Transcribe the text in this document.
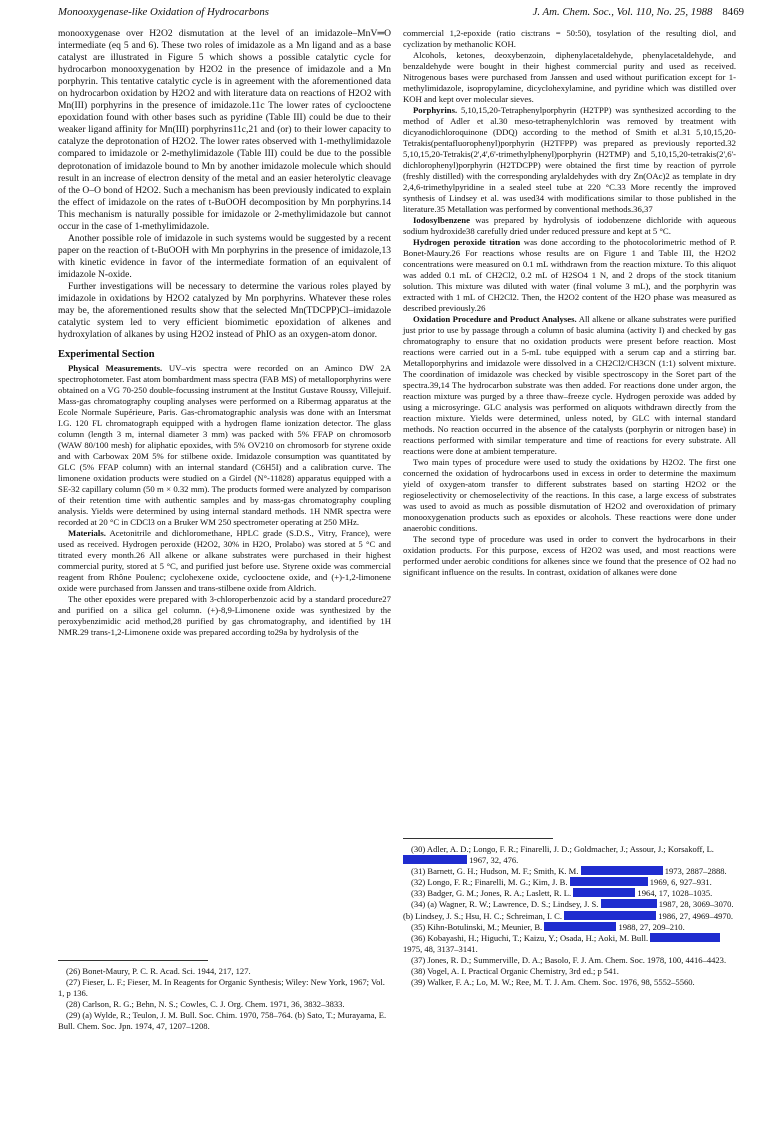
Monooxygenase-like Oxidation of Hydrocarbons	J. Am. Chem. Soc., Vol. 110, No. 25, 1988 8469

monooxygenase over H2O2 dismutation at the level of an imidazole–MnV═O intermediate (eq 5 and 6). These two roles of imidazole as a Mn ligand and as a base catalyst are illustrated in Figure 5 which shows a possible catalytic cycle for hydrocarbon monooxygenation by H2O2 in the presence of imidazole and a Mn porphyrin. This tentative catalytic cycle is in agreement with the aforementioned data on hydrocarbon oxidation by H2O2 and with literature data on reactions of H2O2 with Mn(III) porphyrins in the presence of imidazole.11c The lower rates of cyclooctene epoxidation found with other bases such as pyridine (Table III) could be due to their weaker ligand affinity for Mn(III) porphyrins11c,21 and (or) to their lower capacity to catalyze the deprotonation of H2O2. The lower rates observed with 1-methylimidazole compared to imidazole or 2-methylimidazole (Table III) could be due to the possible deprotonation of imidazole bound to Mn by another imidazole molecule which should result in an increase of electron density of the metal and an easier heterolytic cleavage of the O–O bond of H2O2. Such a mechanism has been previously indicated to explain the effect of imidazole on the rates of t-BuOOH decomposition by Mn porphyrins.14 This mechanism is naturally possible for imidazole or 2-methylimidazole but cannot occur in the case of 1-methylimidazole.

Another possible role of imidazole in such systems would be suggested by a recent paper on the reaction of t-BuOOH with Mn porphyrins in the presence of imidazole,13 with kinetic evidence in favor of the intermediate formation of an equivalent of imidazole N-oxide.

Further investigations will be necessary to determine the various roles played by imidazole in oxidations by H2O2 catalyzed by Mn porphyrins. Whatever these roles may be, the aforementioned results show that the selected Mn(TDCPP)Cl–imidazole catalytic system led to very efficient biomimetic epoxidation of alkenes and hydroxylation of alkanes by using H2O2 instead of PhIO as an oxygen-atom donor.

Experimental Section

Physical Measurements. UV–vis spectra were recorded on an Aminco DW 2A spectrophotometer. Fast atom bombardment mass spectra (FAB MS) of metalloporphyrins were obtained on a VG 70-250 double-focussing instrument at the Institut Gustave Roussy, Villejuif. Mass-gas chromatography coupling analyses were performed on a Ribermag apparatus at the Ecole Normale Supérieure, Paris. Gas-chromatographic analysis was done with an Intersmat I.G. 120 FL chromatograph equipped with a hydrogen flame ionization detector. The glass column (length 3 m, internal diameter 3 mm) was packed with 5% FFAP on chromosorb (WAW 80/100 mesh) for aliphatic epoxides, with 5% OV210 on chromosorb for styrene oxide and with Carbowax 20M 5% for stilbene oxide. Imidazole consumption was quantitated by GLC (5% FFAP column) with an internal standard (C6H5I) and a calibration curve. The limonene oxidation products were studied on a Girdel (N°-11828) apparatus equipped with a SE-32 capillary column (50 m × 0.32 mm). The products formed were analyzed by comparison of their retention time with authentic samples and by mass-gas chromatography coupling analysis. Yields were determined by using internal standard methods. 1H NMR spectra were recorded at 20 °C in CDCl3 on a Bruker WM 250 spectrometer operating at 250 MHz.

Materials. Acetonitrile and dichloromethane, HPLC grade (S.D.S., Vitry, France), were used as received. Hydrogen peroxide (H2O2, 30% in H2O, Prolabo) was stored at 5 °C and titrated every month.26 All alkene or alkane substrates were purchased in their highest commercial purity, stored at 5 °C, and purified just before use. Styrene oxide was commercial reagent from Rhône Poulenc; cyclohexene oxide, cyclooctene oxide, and (+)-1,2-limonene oxide were purchased from Janssen and trans-stilbene oxide from Aldrich.

The other epoxides were prepared with 3-chloroperbenzoic acid by a standard procedure27 and purified on a silica gel column. (+)-8,9-Limonene oxide was synthesized by the peroxybenzimidic acid method,28 purified by gas chromatography, and identified by 1H NMR.29 trans-1,2-Limonene oxide was prepared according to29a by hydrolysis of the

commercial 1,2-epoxide (ratio cis:trans = 50:50), tosylation of the resulting diol, and cyclization by methanolic KOH.

Alcohols, ketones, deoxybenzoin, diphenylacetaldehyde, phenylacetaldehyde, and benzaldehyde were bought in their highest commercial purity and used as received. Nitrogenous bases were purchased from Janssen and used without purification except for 1-methylimidazole, isopropylamine, dicyclohexylamine, and pyridine which was distilled over KOH and kept over molecular sieves.

Porphyrins. 5,10,15,20-Tetraphenylporphyrin (H2TPP) was synthesized according to the method of Adler et al.30 meso-tetraphenylchlorin was removed by treatment with dicyanodichloroquinone (DDQ) according to the method of Smith et al.31 5,10,15,20-Tetrakis(pentafluorophenyl)porphyrin (H2TFPP) was prepared as previously reported.32 5,10,15,20-Tetrakis(2',4',6'-trimethylphenyl)porphyrin (H2TMP) and 5,10,15,20-tetrakis(2',6'-dichlorophenyl)porphyrin (H2TDCPP) were obtained the first time by reaction of pyrrole (freshly distilled) with the corresponding arylaldehydes with dry Zn(OAc)2 as template in dry 2,4,6-trimethylpyridine in a sealed steel tube at 220 °C.33 More recently the improved synthesis of Lindsey et al. was used34 with modifications similar to those published in the literature.35 Metallation was performed by conventional methods.36,37

Iodosylbenzene was prepared by hydrolysis of iodobenzene dichloride with aqueous sodium hydroxide38 carefully dried under reduced pressure and kept at 5 °C.

Hydrogen peroxide titration was done according to the photocolorimetric method of P. Bonet-Maury.26 For reactions whose results are on Figure 1 and Table III, the H2O2 concentrations were measured on 0.1 mL withdrawn from the reaction mixture. To this aliquot was added 0.1 mL of CH2Cl2, 0.2 mL of H2SO4 1 N, and 2 drops of the stock titanium solution. This mixture was diluted with water (final volume 3 mL), and the porphyrin was extracted with 1 mL of CH2Cl2. Then, the H2O2 content of the H2O phase was measured as described previously.26

Oxidation Procedure and Product Analyses. All alkene or alkane substrates were purified just prior to use by passage through a column of basic alumina (activity I) and checked by gas chromatography to ensure that no oxidation products were present before reaction. Most reactions were carried out in a 5-mL tube equipped with a serum cap and a stirring bar. Metalloporphyrins and imidazole were dissolved in a CH2Cl2/CH3CN (1:1) solvent mixture. The coordination of imidazole was checked by visible spectroscopy in the Soret part of the spectra.39,14 The hydrocarbon substrate was then added. For reactions done under argon, the reaction mixture was purged by a three thaw–freeze cycle. Hydrogen peroxide was added by using a microsyringe. GLC analysis was performed on aliquots withdrawn directly from the reaction mixture. Yields were determined, unless noted, by GLC with internal standard methods. No reaction occurred in the absence of the catalysts (porphyrin or nitrogen base) in reactions performed with similar temperature and time of reactions for every substrate. All reactions were done at ambient temperature.

Two main types of procedure were used to study the oxidations by H2O2. The first one concerned the oxidation of hydrocarbons used in excess in order to determine the maximum yield of oxygen-atom transfer to different substrates based on starting H2O2 or the regioselectivity or chemoselectivity of the reactions. In this case, a large excess of substrates was used to avoid as much as possible dismutation of H2O2 and overoxidation of primary monooxygenation products such as epoxides or alcohols. These reactions were done under anaerobic conditions.

The second type of procedure was used in order to convert the hydrocarbons in their oxidation products. For this purpose, excess of H2O2 was used, and most reactions were performed under aerobic conditions for alkenes since we found that the presence of O2 had no significant influence on the results. In contrast, oxidation of alkanes were done

(26) Bonet-Maury, P. C. R. Acad. Sci. 1944, 217, 127.

(27) Fieser, L. F.; Fieser, M. In Reagents for Organic Synthesis; Wiley: New York, 1967; Vol. 1, p 136.

(28) Carlson, R. G.; Behn, N. S.; Cowles, C. J. Org. Chem. 1971, 36, 3832–3833.

(29) (a) Wylde, R.; Teulon, J. M. Bull. Soc. Chim. 1970, 758–764. (b) Sato, T.; Murayama, E. Bull. Chem. Soc. Jpn. 1974, 47, 1207–1208.

(30) Adler, A. D.; Longo, F. R.; Finarelli, J. D.; Goldmacher, J.; Assour, J.; Korsakoff, L.  1967, 32, 476.

(31) Barnett, G. H.; Hudson, M. F.; Smith, K. M.	1973, 2887–2888.

(32) Longo, F. R.; Finarelli, M. G.; Kim, J. B.	1969, 6, 927–931.

(33) Badger, G. M.; Jones, R. A.; Laslett, R. L.	1964, 17, 1028–1035.

(34) (a) Wagner, R. W.; Lawrence, D. S.; Lindsey, J. S.	1987, 28, 3069–3070. (b) Lindsey, J. S.; Hsu, H. C.; Schreiman, I. C.	1986, 27, 4969–4970.

(35) Kihn-Botulinski, M.; Meunier, B.	1988, 27, 209–210.

(36) Kobayashi, H.; Higuchi, T.; Kaizu, Y.; Osada, H.; Aoki, M. Bull.  1975, 48, 3137–3141.

(37) Jones, R. D.; Summerville, D. A.; Basolo, F. J. Am. Chem. Soc. 1978, 100, 4416–4423.

(38) Vogel, A. I. Practical Organic Chemistry, 3rd ed.; p 541.

(39) Walker, F. A.; Lo, M. W.; Ree, M. T. J. Am. Chem. Soc. 1976, 98, 5552–5560.
